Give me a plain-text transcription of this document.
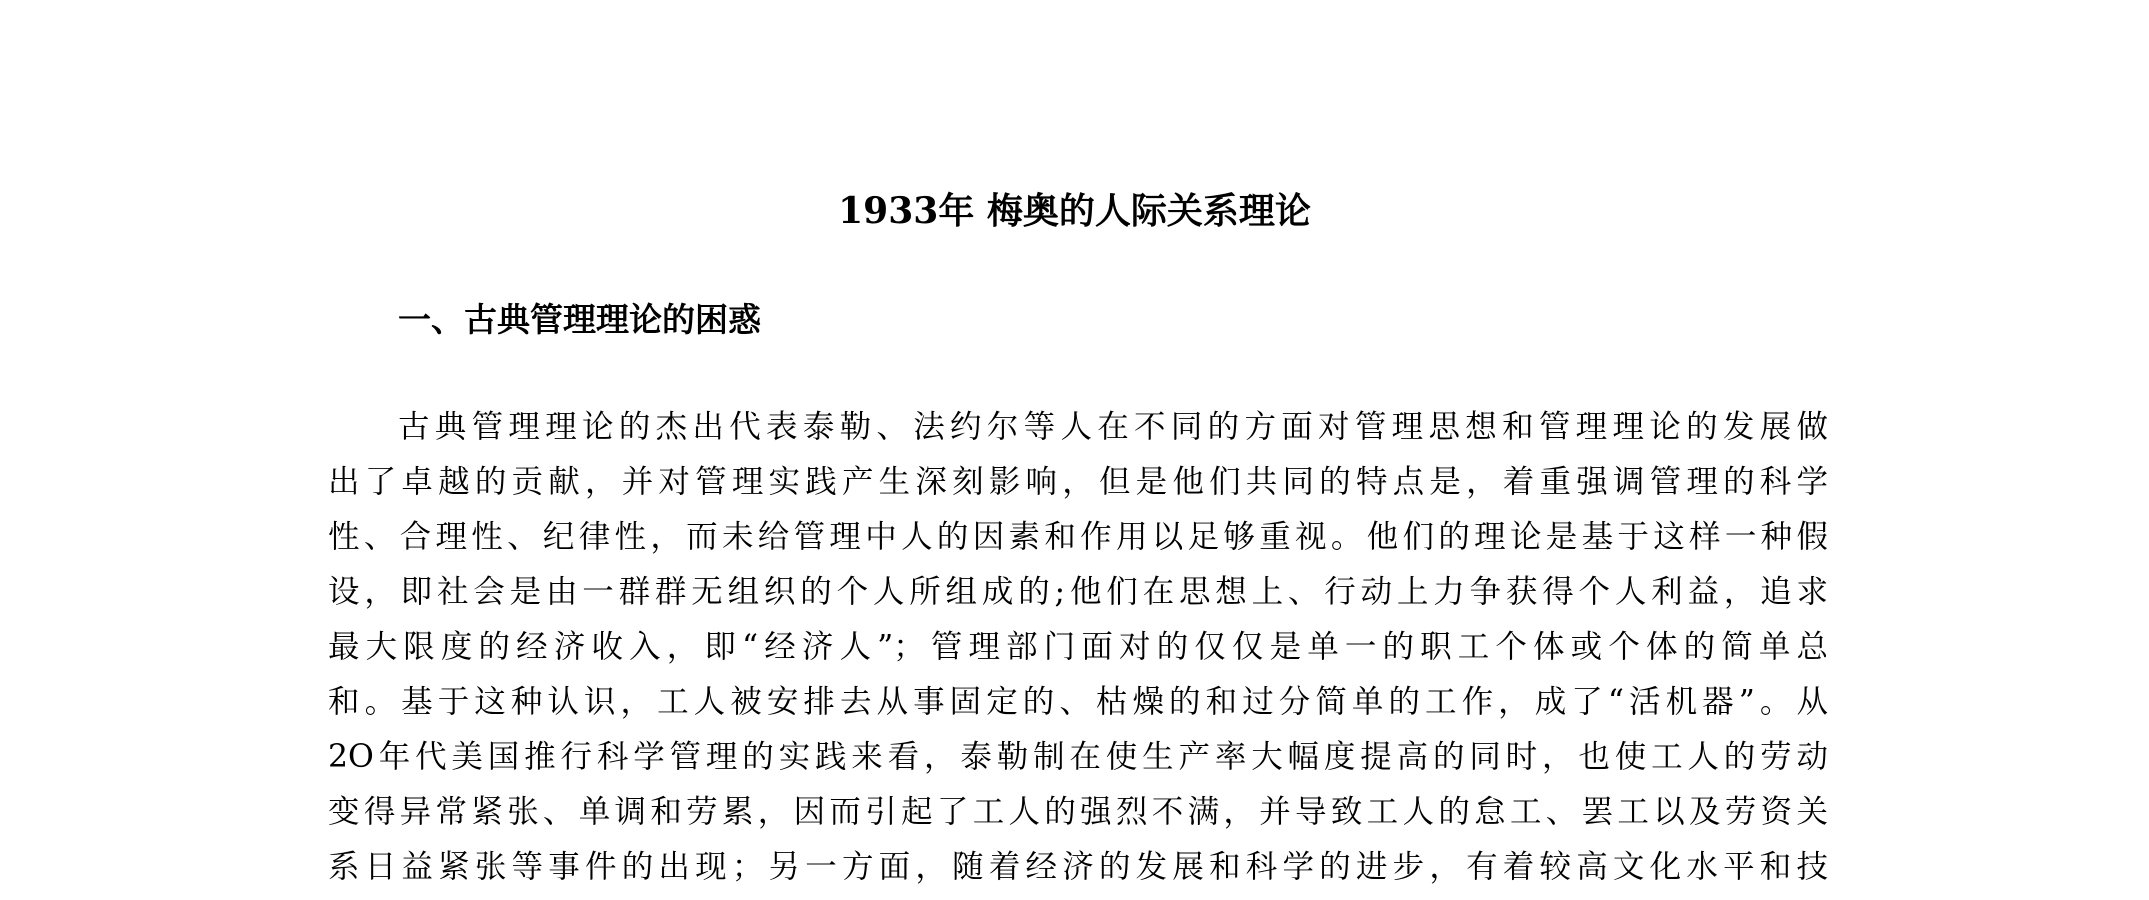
1933年 梅奥的人际关系理论
一、古典管理理论的困惑
古典管理理论的杰出代表泰勒、法约尔等人在不同的方面对管理思想和管理理论的发展做
出了卓越的贡献，并对管理实践产生深刻影响，但是他们共同的特点是，着重强调管理的科学
性、合理性、纪律性，而未给管理中人的因素和作用以足够重视。他们的理论是基于这样一种假
设，即社会是由一群群无组织的个人所组成的;他们在思想上、行动上力争获得个人利益，追求
最大限度的经济收入，即“经济人”；管理部门面对的仅仅是单一的职工个体或个体的简单总
和。基于这种认识，工人被安排去从事固定的、枯燥的和过分简单的工作，成了“活机器”。从
2O年代美国推行科学管理的实践来看，泰勒制在使生产率大幅度提高的同时，也使工人的劳动
变得异常紧张、单调和劳累，因而引起了工人的强烈不满，并导致工人的怠工、罢工以及劳资关
系日益紧张等事件的出现；另一方面，随着经济的发展和科学的进步，有着较高文化水平和技
